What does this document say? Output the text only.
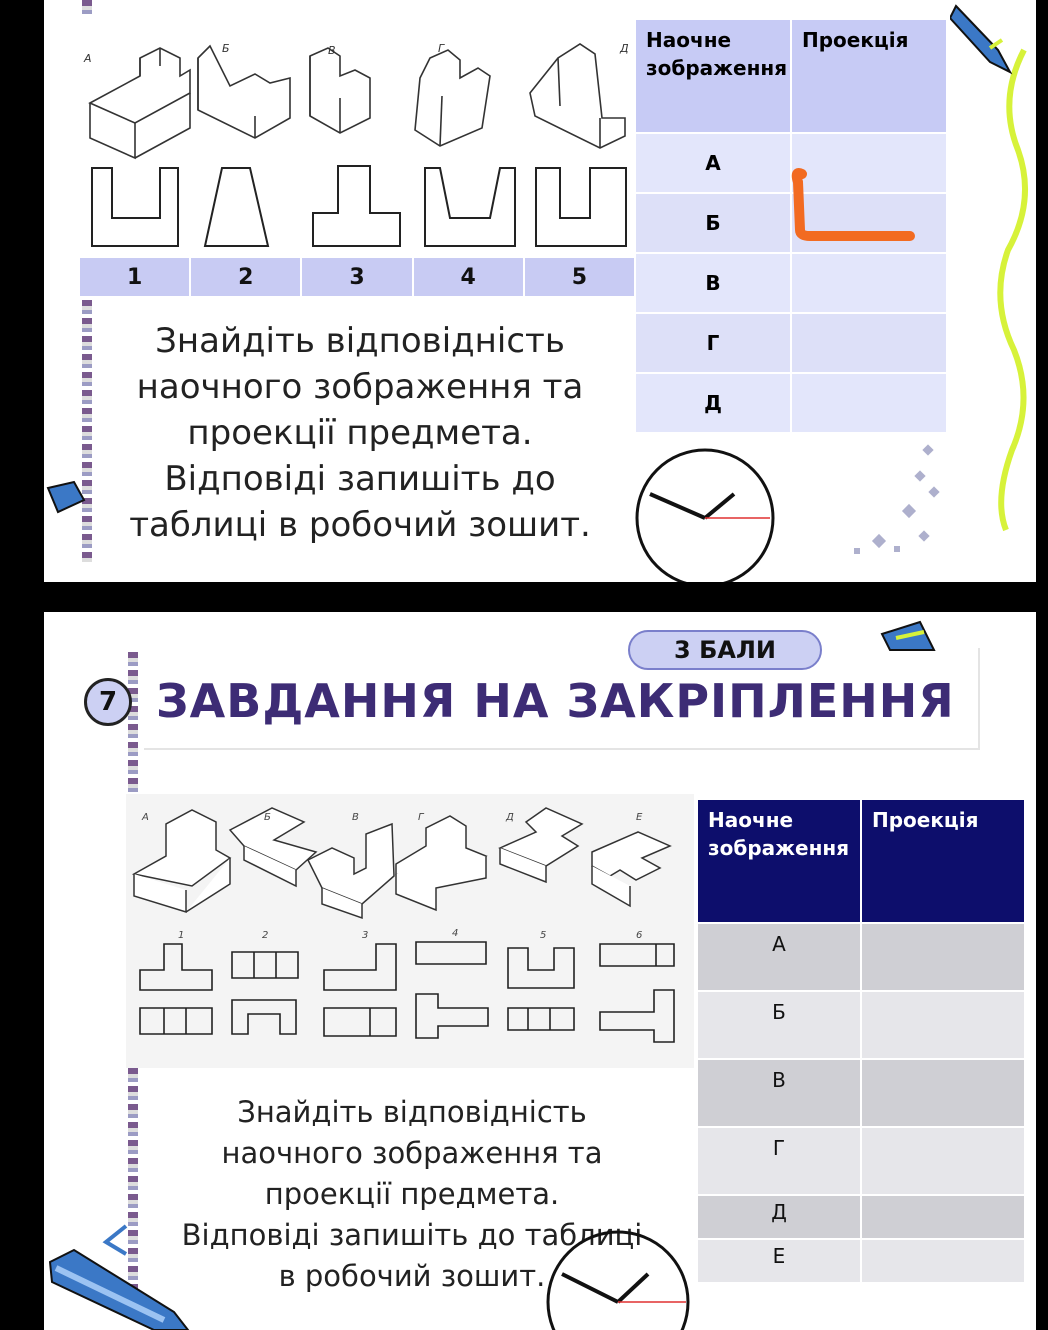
А
Б	В	Г	Д
1	2	3	4	5
Знайдіть відповідність
наочного зображення та
проекції предмета.
Відповіді запишіть до
таблиці в робочий зошит.
Наочне зображення	Проекція
А	
Б	
В	
Г	
Д	
3 БАЛИ
7 ЗАВДАННЯ НА ЗАКРІПЛЕННЯ
А	Б	В	Г	Д	Е
1	2	3	4	5	6
Наочне зображення	Проекція
А	
Б	
В	
Г	
Д	
Е	
Знайдіть відповідність
наочного зображення та
проекції предмета.
Відповіді запишіть до таблиці
в робочий зошит.
